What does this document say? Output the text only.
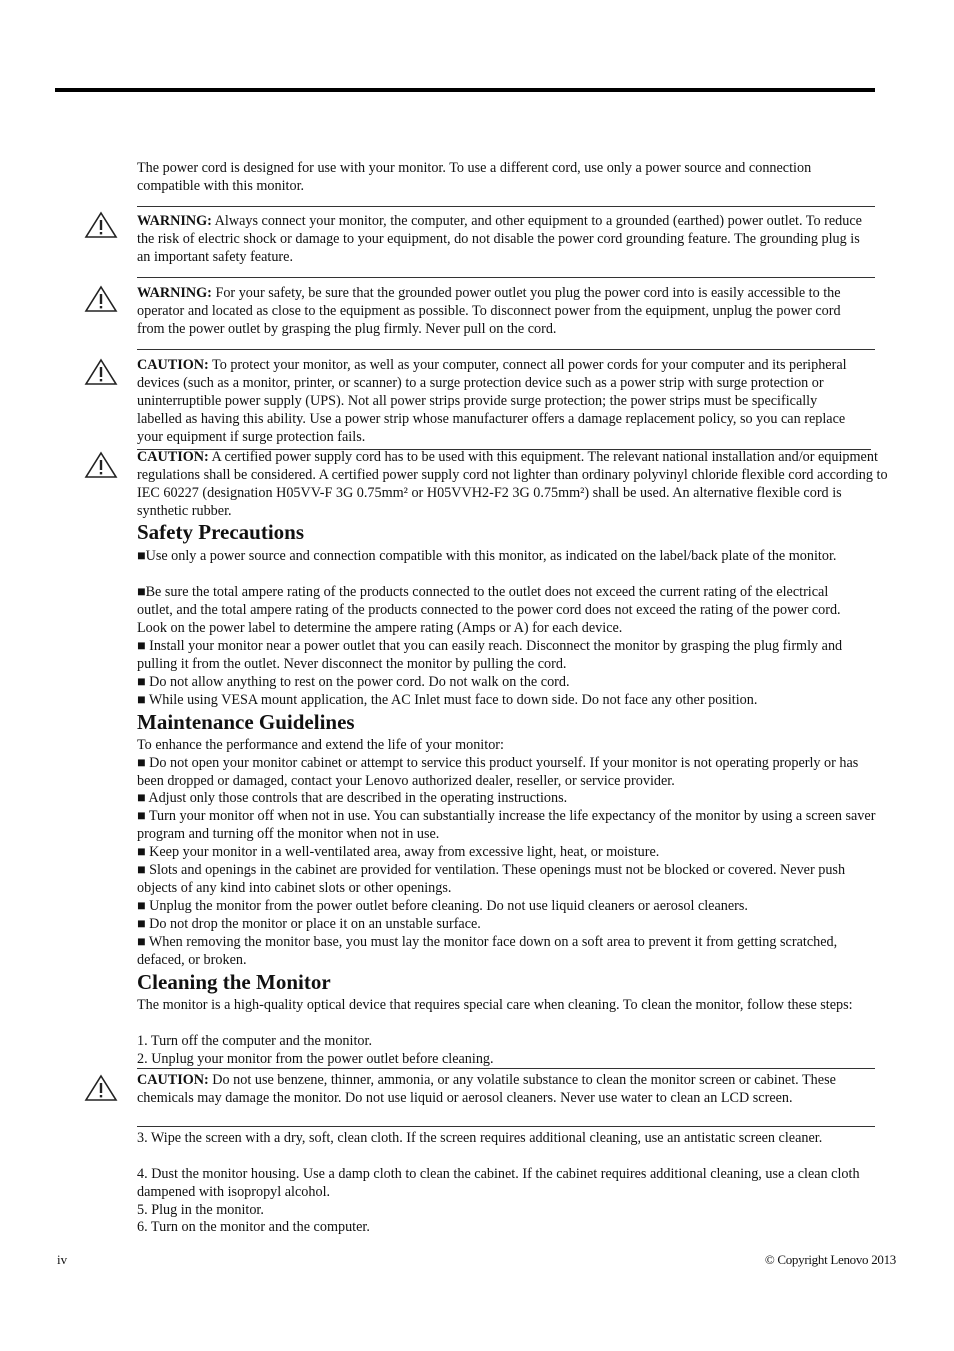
The power cord is designed for use with your monitor. To use a different cord, use only a power source and connection compatible with this monitor.

WARNING: Always connect your monitor, the computer, and other equipment to a grounded (earthed) power outlet. To reduce the risk of electric shock or damage to your equipment, do not disable the power cord grounding feature. The grounding plug is an important safety feature.

WARNING: For your safety, be sure that the grounded power outlet you plug the power cord into is easily accessible to the operator and located as close to the equipment as possible. To disconnect power from the equipment, unplug the power cord from the power outlet by grasping the plug firmly. Never pull on the cord.

CAUTION: To protect your monitor, as well as your computer, connect all power cords for your computer and its peripheral devices (such as a monitor, printer, or scanner) to a surge protection device such as a power strip with surge protection or uninterruptible power supply (UPS). Not all power strips provide surge protection; the power strips must be specifically labelled as having this ability. Use a power strip whose manufacturer offers a damage replacement policy, so you can replace your equipment if surge protection fails.

CAUTION: A certified power supply cord has to be used with this equipment. The relevant national installation and/or equipment regulations shall be considered. A certified power supply cord not lighter than ordinary polyvinyl chloride flexible cord according to IEC 60227 (designation H05VV-F 3G 0.75mm² or H05VVH2-F2 3G 0.75mm²) shall be used. An alternative flexible cord is synthetic rubber.

Safety Precautions
■Use only a power source and connection compatible with this monitor, as indicated on the label/back plate of the monitor.
■Be sure the total ampere rating of the products connected to the outlet does not exceed the current rating of the electrical outlet, and the total ampere rating of the products connected to the power cord does not exceed the rating of the power cord. Look on the power label to determine the ampere rating (Amps or A) for each device.
■ Install your monitor near a power outlet that you can easily reach. Disconnect the monitor by grasping the plug firmly and pulling it from the outlet. Never disconnect the monitor by pulling the cord.
■ Do not allow anything to rest on the power cord. Do not walk on the cord.
■ While using VESA mount application, the AC Inlet must face to down side. Do not face any other position.
Maintenance Guidelines
To enhance the performance and extend the life of your monitor:
■ Do not open your monitor cabinet or attempt to service this product yourself. If your monitor is not operating properly or has been dropped or damaged, contact your Lenovo authorized dealer, reseller, or service provider.
■ Adjust only those controls that are described in the operating instructions.
■ Turn your monitor off when not in use. You can substantially increase the life expectancy of the monitor by using a screen saver program and turning off the monitor when not in use.
■ Keep your monitor in a well-ventilated area, away from excessive light, heat, or moisture.
■ Slots and openings in the cabinet are provided for ventilation. These openings must not be blocked or covered. Never push objects of any kind into cabinet slots or other openings.
■ Unplug the monitor from the power outlet before cleaning. Do not use liquid cleaners or aerosol cleaners.
■ Do not drop the monitor or place it on an unstable surface.
■ When removing the monitor base, you must lay the monitor face down on a soft area to prevent it from getting scratched, defaced, or broken.
Cleaning the Monitor
The monitor is a high-quality optical device that requires special care when cleaning. To clean the monitor, follow these steps:
1. Turn off the computer and the monitor.
2. Unplug your monitor from the power outlet before cleaning.

CAUTION: Do not use benzene, thinner, ammonia, or any volatile substance to clean the monitor screen or cabinet. These chemicals may damage the monitor. Do not use liquid or aerosol cleaners. Never use water to clean an LCD screen.

3. Wipe the screen with a dry, soft, clean cloth. If the screen requires additional cleaning, use an antistatic screen cleaner.
4. Dust the monitor housing. Use a damp cloth to clean the cabinet. If the cabinet requires additional cleaning, use a clean cloth dampened with isopropyl alcohol.
5. Plug in the monitor.
6. Turn on the monitor and the computer.
iv	© Copyright Lenovo 2013
